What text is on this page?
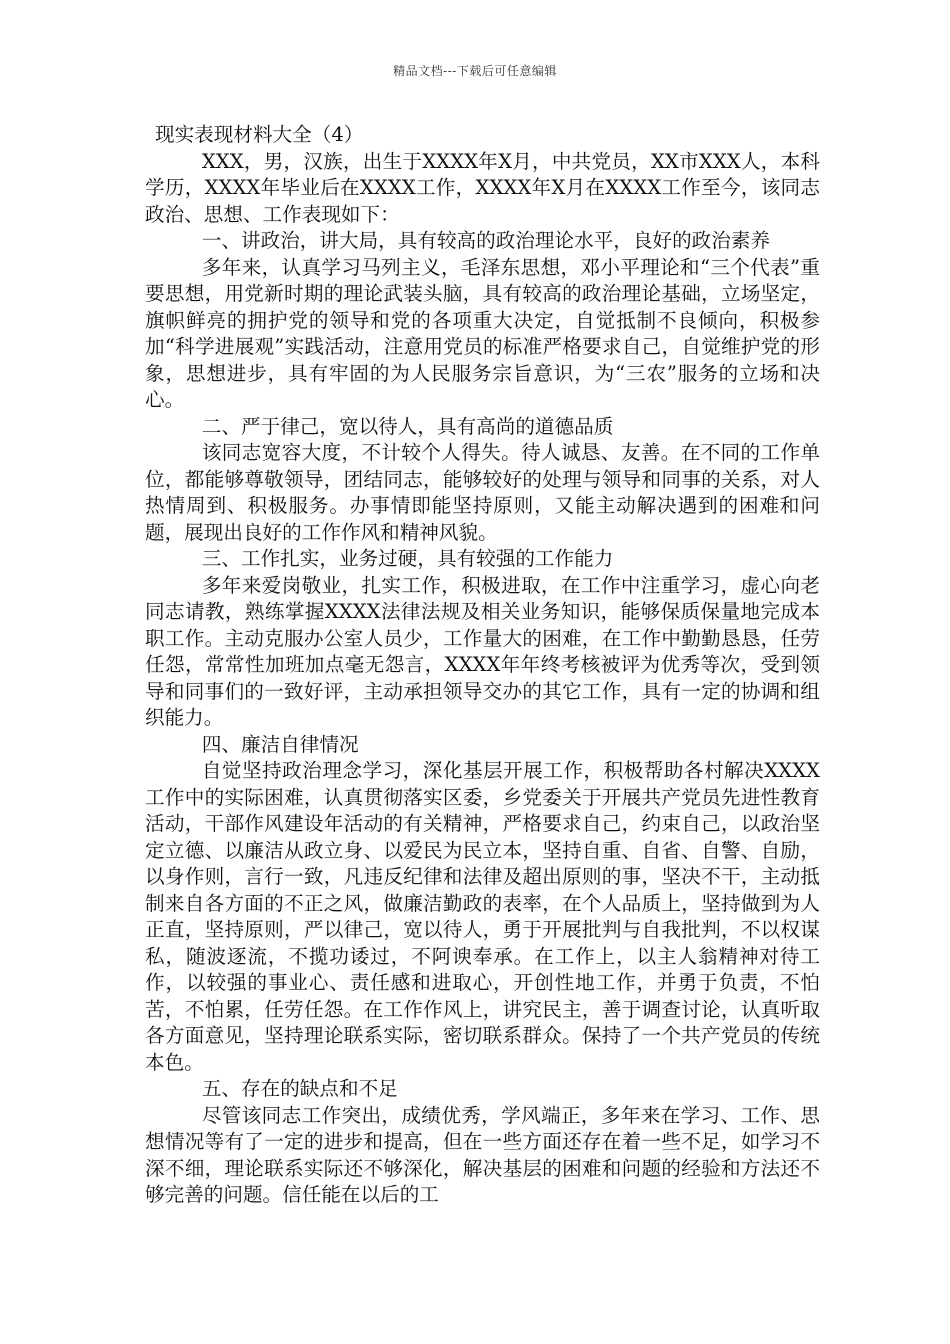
精品文档---下载后可任意编辑
现实表现材料大全（4）

XXX，男，汉族，出生于XXXX年X月，中共党员，XX市XXX人，本科学历，XXXX年毕业后在XXXX工作，XXXX年X月在XXXX工作至今，该同志政治、思想、工作表现如下：

一、讲政治，讲大局，具有较高的政治理论水平，良好的政治素养

多年来，认真学习马列主义，毛泽东思想，邓小平理论和“三个代表”重要思想，用党新时期的理论武装头脑，具有较高的政治理论基础，立场坚定，旗帜鲜亮的拥护党的领导和党的各项重大决定，自觉抵制不良倾向，积极参加“科学进展观”实践活动，注意用党员的标准严格要求自己，自觉维护党的形象，思想进步，具有牢固的为人民服务宗旨意识，为“三农”服务的立场和决心。

二、严于律己，宽以待人，具有高尚的道德品质

该同志宽容大度，不计较个人得失。待人诚恳、友善。在不同的工作单位，都能够尊敬领导，团结同志，能够较好的处理与领导和同事的关系，对人热情周到、积极服务。办事情即能坚持原则，又能主动解决遇到的困难和问题，展现出良好的工作作风和精神风貌。

三、工作扎实，业务过硬，具有较强的工作能力

多年来爱岗敬业，扎实工作，积极进取，在工作中注重学习，虚心向老同志请教，熟练掌握XXXX法律法规及相关业务知识，能够保质保量地完成本职工作。主动克服办公室人员少，工作量大的困难，在工作中勤勤恳恳，任劳任怨，常常性加班加点毫无怨言，XXXX年年终考核被评为优秀等次，受到领导和同事们的一致好评，主动承担领导交办的其它工作，具有一定的协调和组织能力。

四、廉洁自律情况

自觉坚持政治理念学习，深化基层开展工作，积极帮助各村解决XXXX工作中的实际困难，认真贯彻落实区委，乡党委关于开展共产党员先进性教育活动，干部作风建设年活动的有关精神，严格要求自己，约束自己，以政治坚定立德、以廉洁从政立身、以爱民为民立本，坚持自重、自省、自警、自励，以身作则，言行一致，凡违反纪律和法律及超出原则的事，坚决不干，主动抵制来自各方面的不正之风，做廉洁勤政的表率，在个人品质上，坚持做到为人正直，坚持原则，严以律己，宽以待人，勇于开展批判与自我批判，不以权谋私，随波逐流，不揽功诿过，不阿谀奉承。在工作上，以主人翁精神对待工作，以较强的事业心、责任感和进取心，开创性地工作，并勇于负责，不怕苦，不怕累，任劳任怨。在工作作风上，讲究民主，善于调查讨论，认真听取各方面意见，坚持理论联系实际，密切联系群众。保持了一个共产党员的传统本色。

五、存在的缺点和不足

尽管该同志工作突出，成绩优秀，学风端正，多年来在学习、工作、思想情况等有了一定的进步和提高，但在一些方面还存在着一些不足，如学习不深不细，理论联系实际还不够深化，解决基层的困难和问题的经验和方法还不够完善的问题。信任能在以后的工
